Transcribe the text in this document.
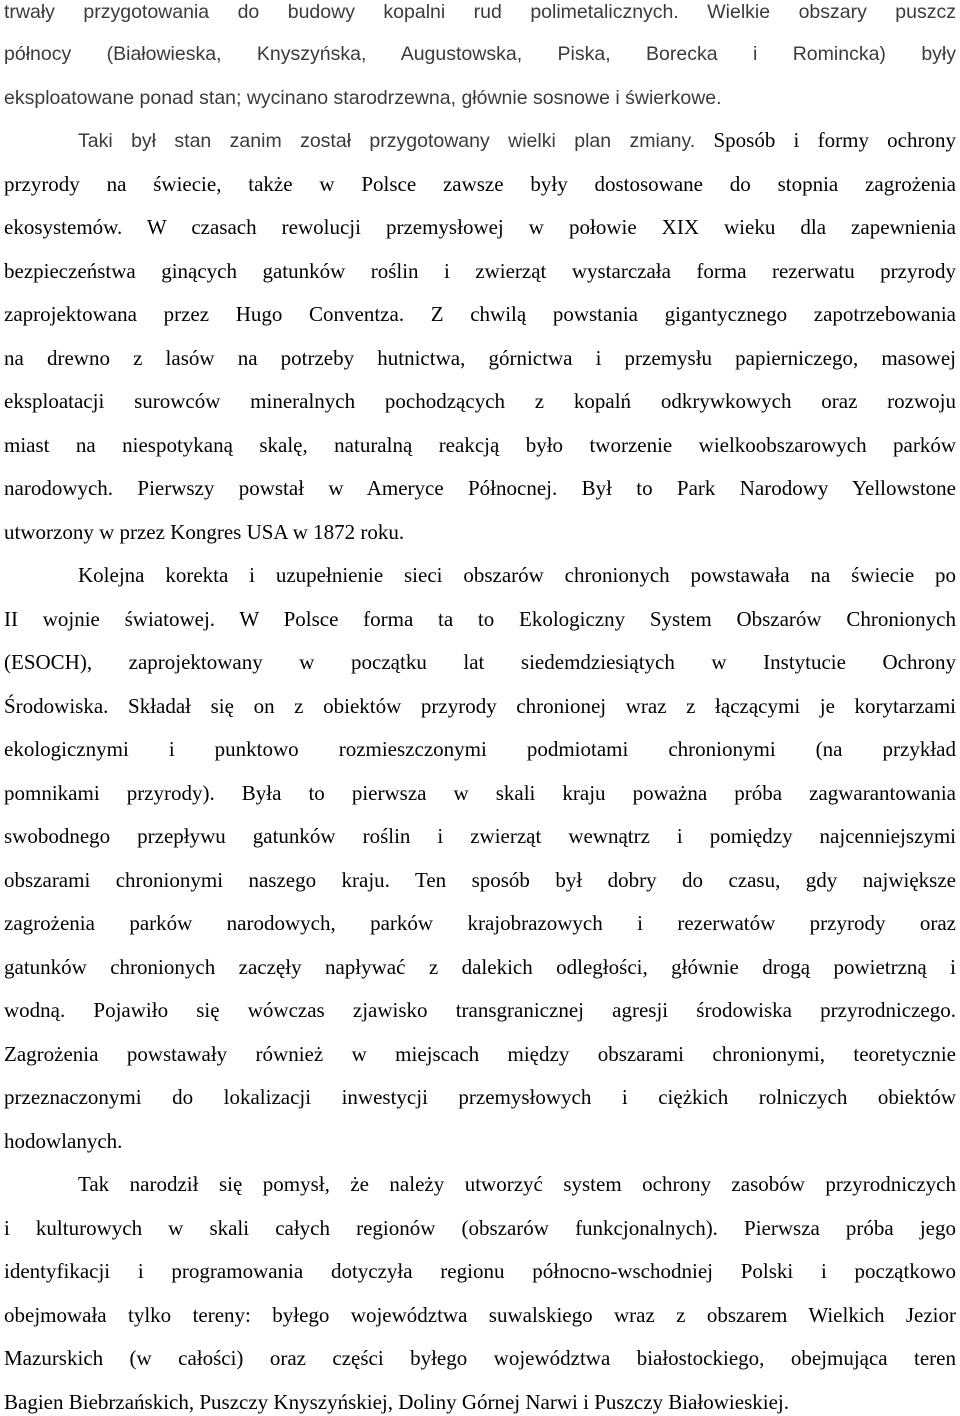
trwały przygotowania do budowy kopalni rud polimetalicznych. Wielkie obszary puszcz
północy (Białowieska, Knyszyńska, Augustowska, Piska, Borecka i Romincka) były
eksploatowane ponad stan; wycinano starodrzewna, głównie sosnowe i świerkowe.
Taki był stan zanim został przygotowany wielki plan zmiany. Sposób i formy ochrony
przyrody na świecie, także w Polsce zawsze były dostosowane do stopnia zagrożenia
ekosystemów. W czasach rewolucji przemysłowej w połowie XIX wieku dla zapewnienia
bezpieczeństwa ginących gatunków roślin i zwierząt wystarczała forma rezerwatu przyrody
zaprojektowana przez Hugo Conventza. Z chwilą powstania gigantycznego zapotrzebowania
na drewno z lasów na potrzeby hutnictwa, górnictwa i przemysłu papierniczego, masowej
eksploatacji surowców mineralnych pochodzących z kopalń odkrywkowych oraz rozwoju
miast na niespotykaną skalę, naturalną reakcją było tworzenie wielkoobszarowych parków
narodowych. Pierwszy powstał w Ameryce Północnej. Był to Park Narodowy Yellowstone
utworzony w przez Kongres USA w 1872 roku.
Kolejna korekta i uzupełnienie sieci obszarów chronionych powstawała na świecie po
II wojnie światowej. W Polsce forma ta to Ekologiczny System Obszarów Chronionych
(ESOCH), zaprojektowany w początku lat siedemdziesiątych w Instytucie Ochrony
Środowiska. Składał się on z obiektów przyrody chronionej wraz z łączącymi je korytarzami
ekologicznymi i punktowo rozmieszczonymi podmiotami chronionymi (na przykład
pomnikami przyrody). Była to pierwsza w skali kraju poważna próba zagwarantowania
swobodnego przepływu gatunków roślin i zwierząt wewnątrz i pomiędzy najcenniejszymi
obszarami chronionymi naszego kraju. Ten sposób był dobry do czasu, gdy największe
zagrożenia parków narodowych, parków krajobrazowych i rezerwatów przyrody oraz
gatunków chronionych zaczęły napływać z dalekich odległości, głównie drogą powietrzną i
wodną. Pojawiło się wówczas zjawisko transgranicznej agresji środowiska przyrodniczego.
Zagrożenia powstawały również w miejscach między obszarami chronionymi, teoretycznie
przeznaczonymi do lokalizacji inwestycji przemysłowych i ciężkich rolniczych obiektów
hodowlanych.
Tak narodził się pomysł, że należy utworzyć system ochrony zasobów przyrodniczych
i kulturowych w skali całych regionów (obszarów funkcjonalnych). Pierwsza próba jego
identyfikacji i programowania dotyczyła regionu północno-wschodniej Polski i początkowo
obejmowała tylko tereny: byłego województwa suwalskiego wraz z obszarem Wielkich Jezior
Mazurskich (w całości) oraz części byłego województwa białostockiego, obejmująca teren
Bagien Biebrzańskich, Puszczy Knyszyńskiej, Doliny Górnej Narwi i Puszczy Białowieskiej.
